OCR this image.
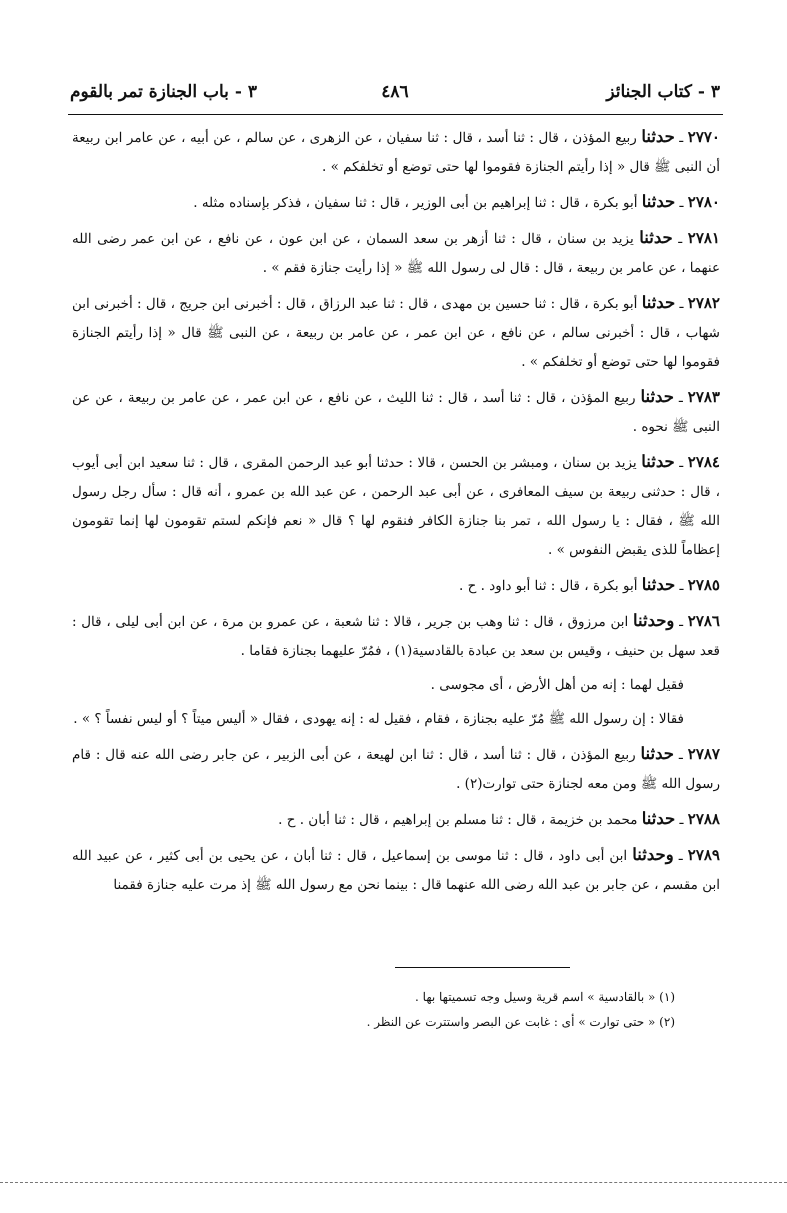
٣ - كتاب الجنائز
٤٨٦
٣ - باب الجنازة تمر بالقوم

٢٧٧٠ ـ حدثنا ربيع المؤذن ، قال : ثنا أسد ، قال : ثنا سفيان ، عن الزهرى ، عن سالم ، عن أبيه ، عن عامر ابن ربيعة أن النبى ﷺ قال « إذا رأيتم الجنازة فقوموا لها حتى توضع أو تخلفكم » .

٢٧٨٠ ـ حدثنا أبو بكرة ، قال : ثنا إبراهيم بن أبى الوزير ، قال : ثنا سفيان ، فذكر بإسناده مثله .

٢٧٨١ ـ حدثنا يزيد بن سنان ، قال : ثنا أزهر بن سعد السمان ، عن ابن عون ، عن نافع ، عن ابن عمر رضى الله عنهما ، عن عامر بن ربيعة ، قال : قال لى رسول الله ﷺ « إذا رأيت جنازة فقم » .

٢٧٨٢ ـ حدثنا أبو بكرة ، قال : ثنا حسين بن مهدى ، قال : ثنا عبد الرزاق ، قال : أخبرنى ابن جريج ، قال : أخبرنى ابن شهاب ، قال : أخبرنى سالم ، عن نافع ، عن ابن عمر ، عن عامر بن ربيعة ، عن النبى ﷺ قال « إذا رأيتم الجنازة فقوموا لها حتى توضع أو تخلفكم » .

٢٧٨٣ ـ حدثنا ربيع المؤذن ، قال : ثنا أسد ، قال : ثنا الليث ، عن نافع ، عن ابن عمر ، عن عامر بن ربيعة ، عن عن النبى ﷺ نحوه .

٢٧٨٤ ـ حدثنا يزيد بن سنان ، ومبشر بن الحسن ، قالا : حدثنا أبو عبد الرحمن المقرى ، قال : ثنا سعيد ابن أبى أيوب ، قال : حدثنى ربيعة بن سيف المعافرى ، عن أبى عبد الرحمن ، عن عبد الله بن عمرو ، أنه قال : سأل رجل رسول الله ﷺ ، فقال : يا رسول الله ، تمر بنا جنازة الكافر فنقوم لها ؟ قال « نعم فإنكم لستم تقومون لها إنما تقومون إعظاماً للذى يقبض النفوس » .

٢٧٨٥ ـ حدثنا أبو بكرة ، قال : ثنا أبو داود . ح .

٢٧٨٦ ـ وحدثنا ابن مرزوق ، قال : ثنا وهب بن جرير ، قالا : ثنا شعبة ، عن عمرو بن مرة ، عن ابن أبى ليلى ، قال : قعد سهل بن حنيف ، وقيس بن سعد بن عبادة بالقادسية(١) ، فمُرّ عليهما بجنازة فقاما .

فقيل لهما : إنه من أهل الأرض ، أى مجوسى .

فقالا : إن رسول الله ﷺ مُرّ عليه بجنازة ، فقام ، فقيل له : إنه يهودى ، فقال « أليس ميتاً ؟ أو ليس نفساً ؟ » .

٢٧٨٧ ـ حدثنا ربيع المؤذن ، قال : ثنا أسد ، قال : ثنا ابن لهيعة ، عن أبى الزبير ، عن جابر رضى الله عنه قال : قام رسول الله ﷺ ومن معه لجنازة حتى توارت(٢) .

٢٧٨٨ ـ حدثنا محمد بن خزيمة ، قال : ثنا مسلم بن إبراهيم ، قال : ثنا أبان . ح .

٢٧٨٩ ـ وحدثنا ابن أبى داود ، قال : ثنا موسى بن إسماعيل ، قال : ثنا أبان ، عن يحيى بن أبى كثير ، عن عبيد الله ابن مقسم ، عن جابر بن عبد الله رضى الله عنهما قال : بينما نحن مع رسول الله ﷺ إذ مرت عليه جنازة فقمنا

(١) « بالقادسية » اسم قرية وسيل وجه تسميتها بها .
(٢) « حتى توارت » أى : غابت عن البصر واستترت عن النظر .
